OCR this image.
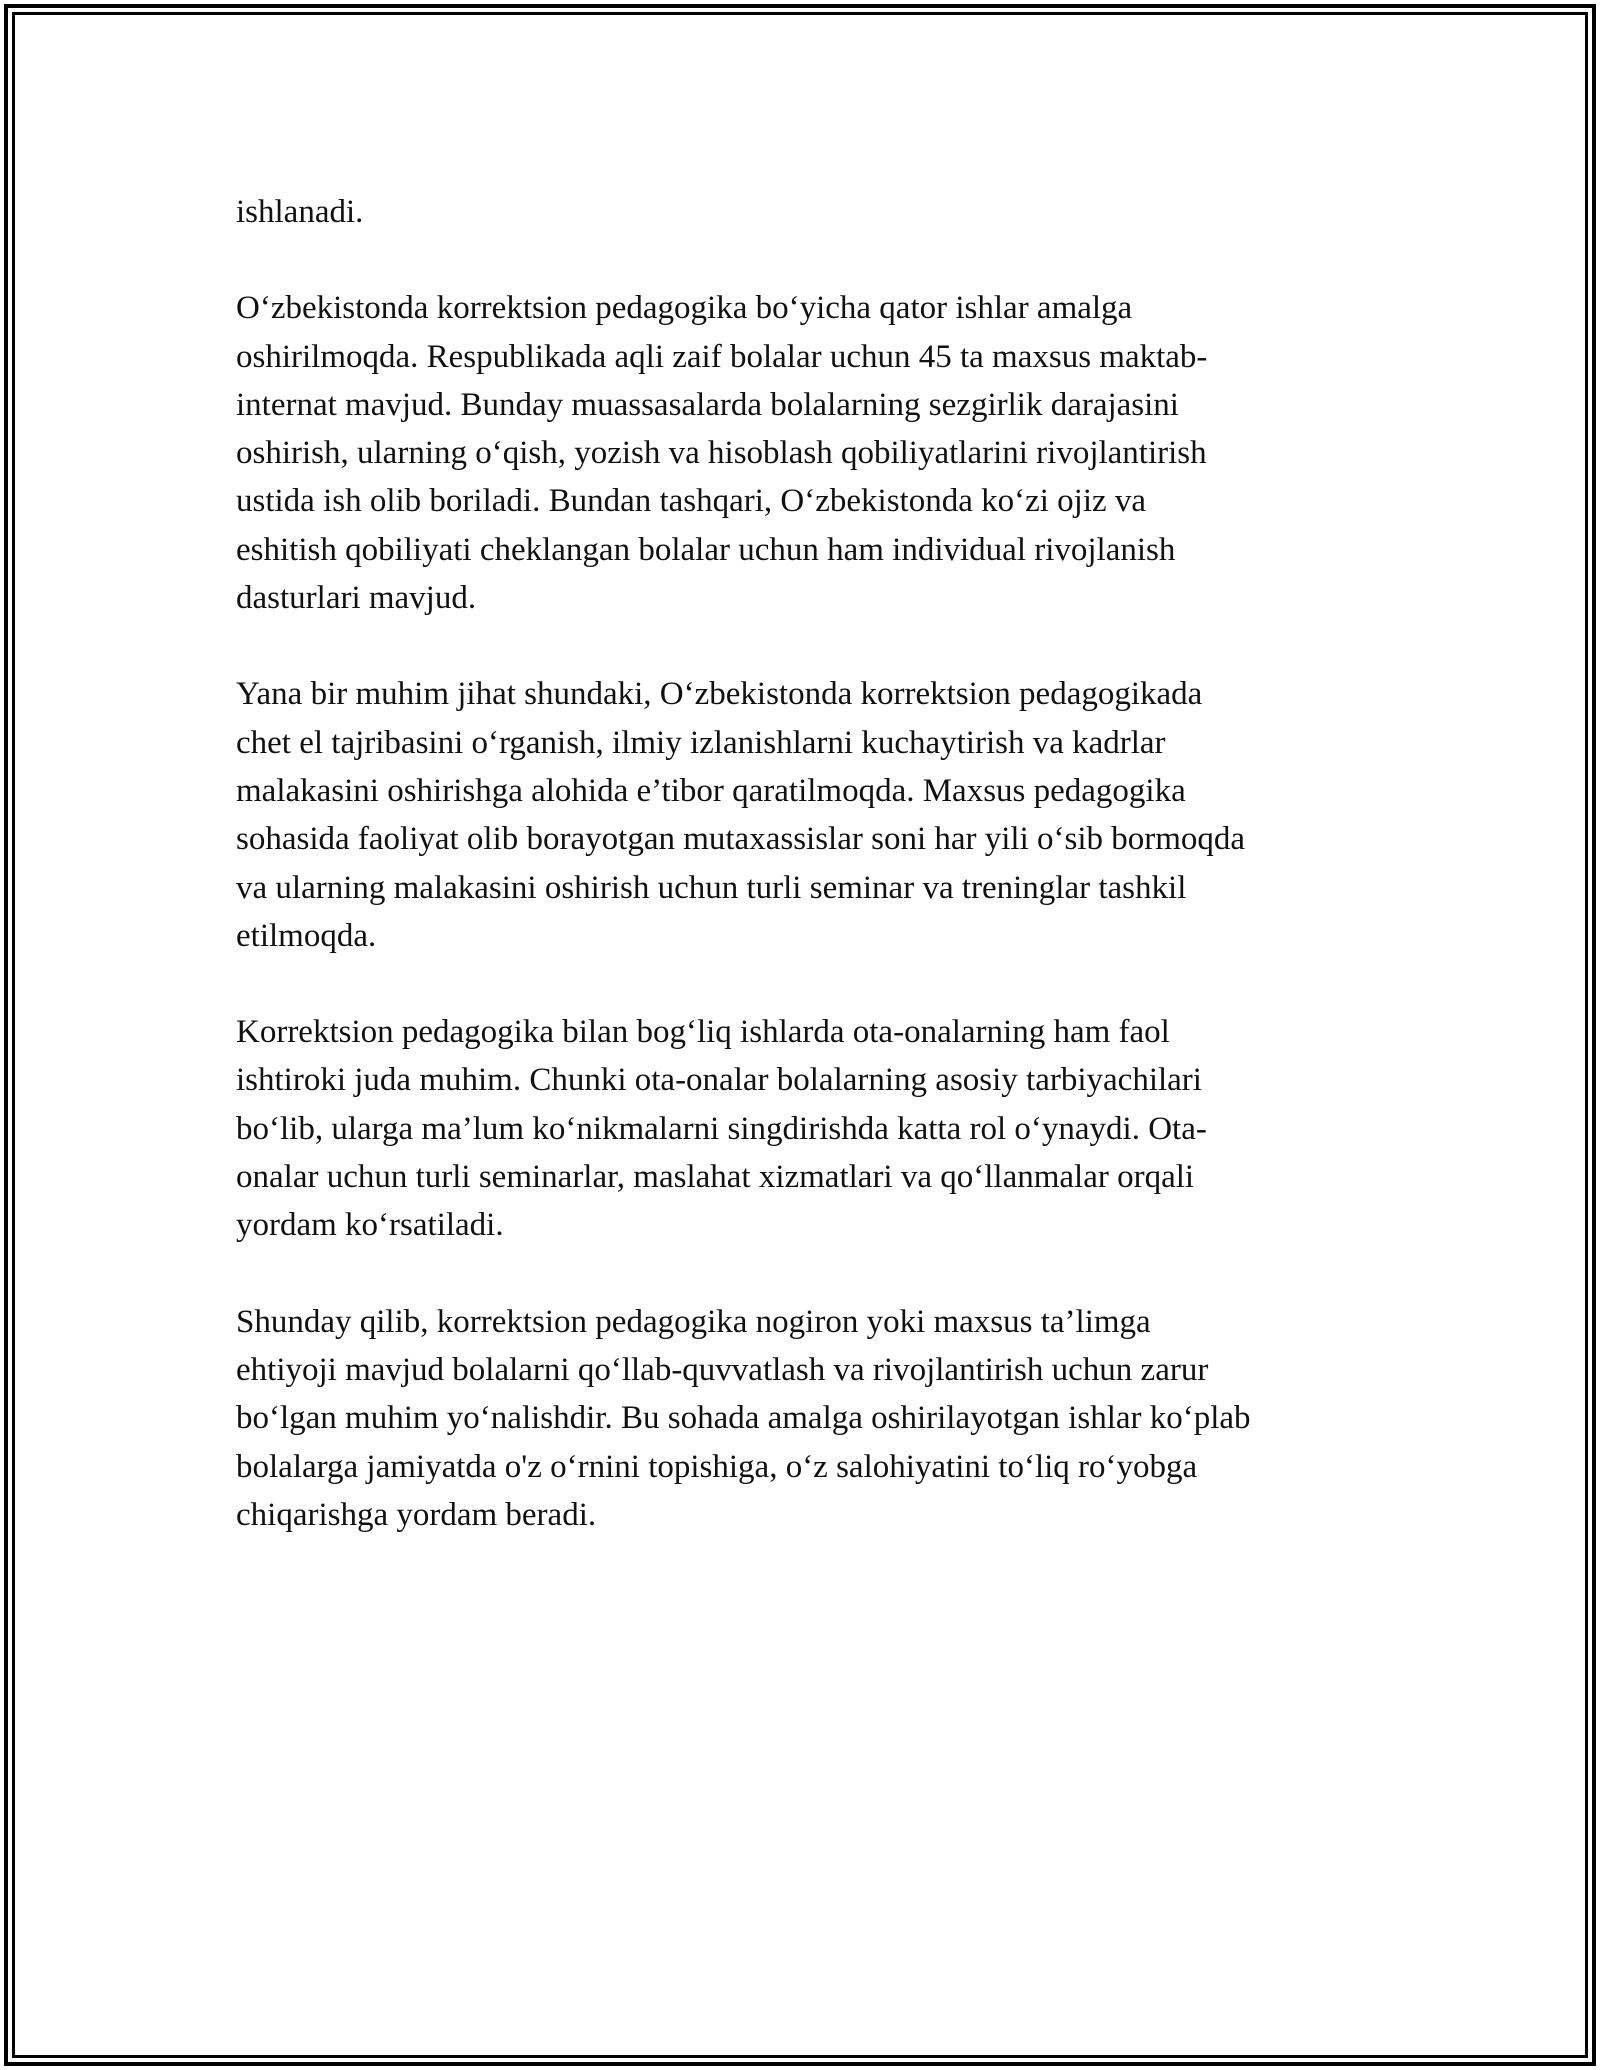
ishlanadi.

O‘zbekistonda korrektsion pedagogika bo‘yicha qator ishlar amalga
oshirilmoqda. Respublikada aqli zaif bolalar uchun 45 ta maxsus maktab-
internat mavjud. Bunday muassasalarda bolalarning sezgirlik darajasini
oshirish, ularning o‘qish, yozish va hisoblash qobiliyatlarini rivojlantirish
ustida ish olib boriladi. Bundan tashqari, O‘zbekistonda ko‘zi ojiz va
eshitish qobiliyati cheklangan bolalar uchun ham individual rivojlanish
dasturlari mavjud.

Yana bir muhim jihat shundaki, O‘zbekistonda korrektsion pedagogikada
chet el tajribasini o‘rganish, ilmiy izlanishlarni kuchaytirish va kadrlar
malakasini oshirishga alohida e’tibor qaratilmoqda. Maxsus pedagogika
sohasida faoliyat olib borayotgan mutaxassislar soni har yili o‘sib bormoqda
va ularning malakasini oshirish uchun turli seminar va treninglar tashkil
etilmoqda.

Korrektsion pedagogika bilan bog‘liq ishlarda ota-onalarning ham faol
ishtiroki juda muhim. Chunki ota-onalar bolalarning asosiy tarbiyachilari
bo‘lib, ularga ma’lum ko‘nikmalarni singdirishda katta rol o‘ynaydi. Ota-
onalar uchun turli seminarlar, maslahat xizmatlari va qo‘llanmalar orqali
yordam ko‘rsatiladi.

Shunday qilib, korrektsion pedagogika nogiron yoki maxsus ta’limga
ehtiyoji mavjud bolalarni qo‘llab-quvvatlash va rivojlantirish uchun zarur
bo‘lgan muhim yo‘nalishdir. Bu sohada amalga oshirilayotgan ishlar ko‘plab
bolalarga jamiyatda o'z o‘rnini topishiga, o‘z salohiyatini to‘liq ro‘yobga
chiqarishga yordam beradi.
